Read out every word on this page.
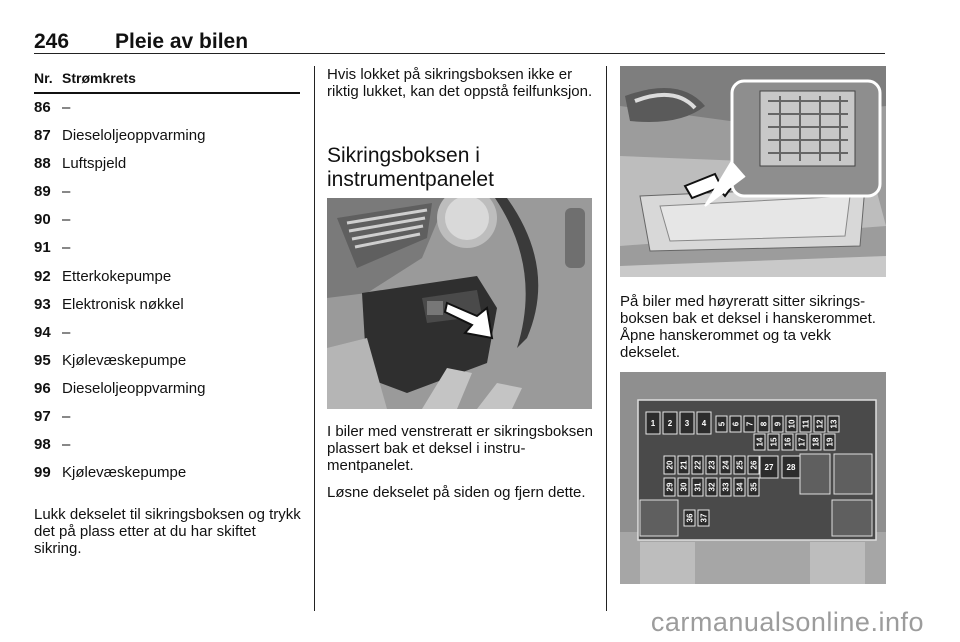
246 Pleie av bilen
Nr. Strømkrets
86 –
87 Dieseloljeoppvarming
88 Luftspjeld
89 –
90 –
91 –
92 Etterkokepumpe
93 Elektronisk nøkkel
94 –
95 Kjølevæskepumpe
96 Dieseloljeoppvarming
97 –
98 –
99 Kjølevæskepumpe

Lukk dekselet til sikringsboksen og trykk det på plass etter at du har skiftet sikring.

Hvis lokket på sikringsboksen ikke er riktig lukket, kan det oppstå feilfunksjon.

Sikringsboksen i instrumentpanelet

I biler med venstreratt er sikringsboksen plassert bak et deksel i instrumentpanelet.

Løsne dekselet på siden og fjern dette.

På biler med høyreratt sitter sikringsboksen bak et deksel i hanskerommet. Åpne hanskerommet og ta vekk dekselet.

1 2 3 4 5 6 7 8 9 10 11 12 13
14 15 16 17 18 19
20 21 22 23 24 25 26 27 28
29 30 31 32 33 34 35
36 37
carmanualsonline.info
